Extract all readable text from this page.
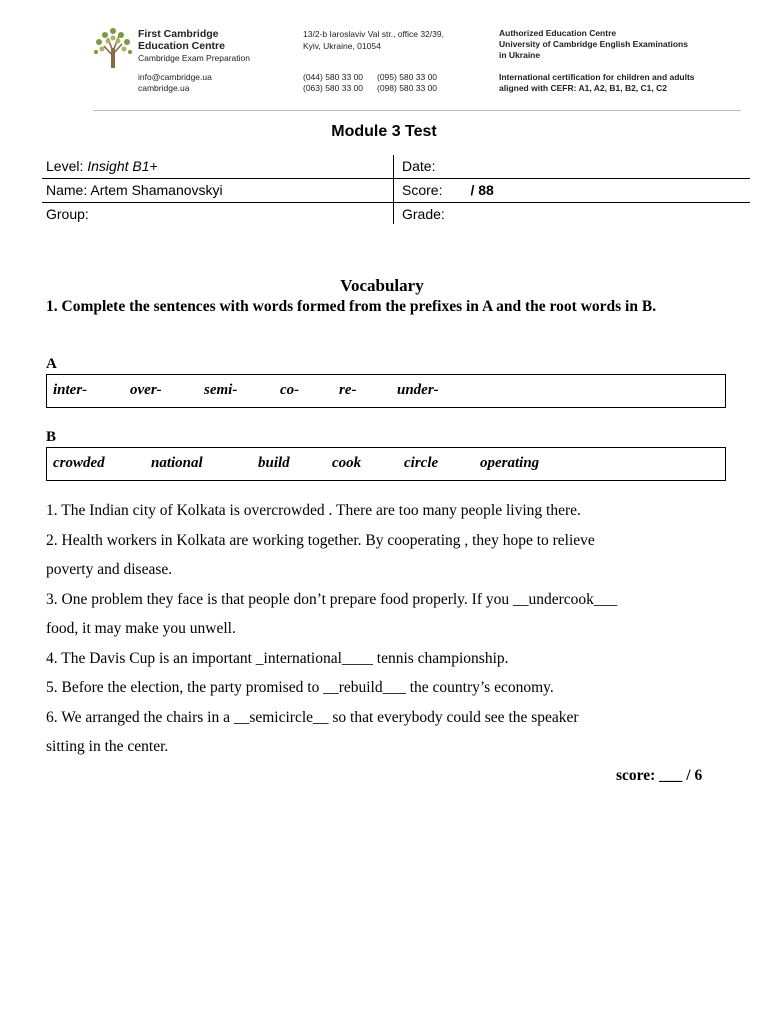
First Cambridge
Education Centre
Cambridge Exam Preparation
info@cambridge.ua
cambridge.ua
13/2-b Iaroslaviv Val str., office 32/39,
Kyiv, Ukraine, 01054
(044) 580 33 00 (095) 580 33 00
(063) 580 33 00 (098) 580 33 00
Authorized Education Centre
University of Cambridge English Examinations
in Ukraine
International certification for children and adults
aligned with CEFR: A1, A2, B1, B2, C1, C2
Module 3 Test
Level: Insight B1+	Date:
Name: Artem Shamanovskyi	Score: / 88
Group:	Grade:
Vocabulary
1. Complete the sentences with words formed from the prefixes in A and the root words in B.
A
inter-	over-	semi-	co-	re-	under-
B
crowded	national	build	cook	circle	operating

1. The Indian city of Kolkata is overcrowded . There are too many people living there.

2. Health workers in Kolkata are working together. By cooperating , they hope to relieve

poverty and disease.

3. One problem they face is that people don’t prepare food properly. If you __undercook___

food, it may make you unwell.

4. The Davis Cup is an important _international____ tennis championship.

5. Before the election, the party promised to __rebuild___ the country’s economy.

6. We arranged the chairs in a __semicircle__ so that everybody could see the speaker

sitting in the center.

score: ___ / 6
